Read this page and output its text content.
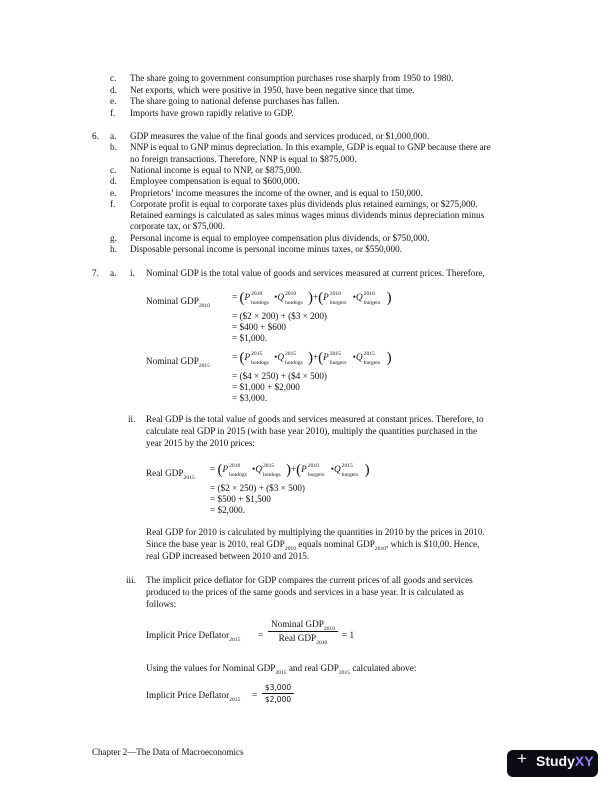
c. The share going to government consumption purchases rose sharply from 1950 to 1980.
d. Net exports, which were positive in 1950, have been negative since that time.
e. The share going to national defense purchases has fallen.
f. Imports have grown rapidly relative to GDP.
6. a. GDP measures the value of the final goods and services produced, or $1,000,000.
b. NNP is equal to GNP minus depreciation. In this example, GDP is equal to GNP because there are
no foreign transactions. Therefore, NNP is equal to $875,000.
c. National income is equal to NNP, or $875,000.
d. Employee compensation is equal to $600,000.
e. Proprietors’ income measures the income of the owner, and is equal to 150,000.
f. Corporate profit is equal to corporate taxes plus dividends plus retained earnings, or $275,000.
Retained earnings is calculated as sales minus wages minus dividends minus depreciation minus
corporate tax, or $75,000.
g. Personal income is equal to employee compensation plus dividends, or $750,000.
h. Disposable personal income is personal income minus taxes, or $550,000.
7. a. i. Nominal GDP is the total value of goods and services measured at current prices. Therefore,
Nominal $GDP_{2010}$
= (P 2010
hotdogs
•Q 2010
hotdogs )+(P 2010
burgers
•Q 2010
burgers )
= ($2 × 200) + ($3 × 200)
= $400 + $600
= $1,000.
Nominal $GDP_{2015}$
= (P 2015
hotdogs
•Q 2015
hotdogs )+(P 2015
burgers
•Q 2015
burgers )
= ($4 × 250) + ($4 × 500)
= $1,000 + $2,000
= $3,000.
ii. Real GDP is the total value of goods and services measured at constant prices. Therefore, to
calculate real GDP in 2015 (with base year 2010), multiply the quantities purchased in the
year 2015 by the 2010 prices:
Real $GDP_{2015}$
= (P 2010
hotdogs
•Q 2015
hotdogs )+(P 2010
burgers
•Q 2015
burgers )
= ($2 × 250) + ($3 × 500)
= $500 + $1,500
= $2,000.
Real GDP for 2010 is calculated by multiplying the quantities in 2010 by the prices in 2010.
Since the base year is 2010, real $GDP_{2010}$ equals nominal $GDP_{2010}$, which is $10,00. Hence,
real GDP increased between 2010 and 2015.
iii. The implicit price deflator for GDP compares the current prices of all goods and services
produced to the prices of the same goods and services in a base year. It is calculated as
follows:
Implicit Price Deflator$_{2015}$ =
Nominal $GDP_{2010}$
Real $GDP_{2010}$
= 1
Using the values for Nominal $GDP_{2015}$ and real $GDP_{2015}$ calculated above:
Implicit Price Deflator$_{2015}$ =
$3,000
$2,000
Chapter 2—The Data of Macroeconomics	+ StudyXY
